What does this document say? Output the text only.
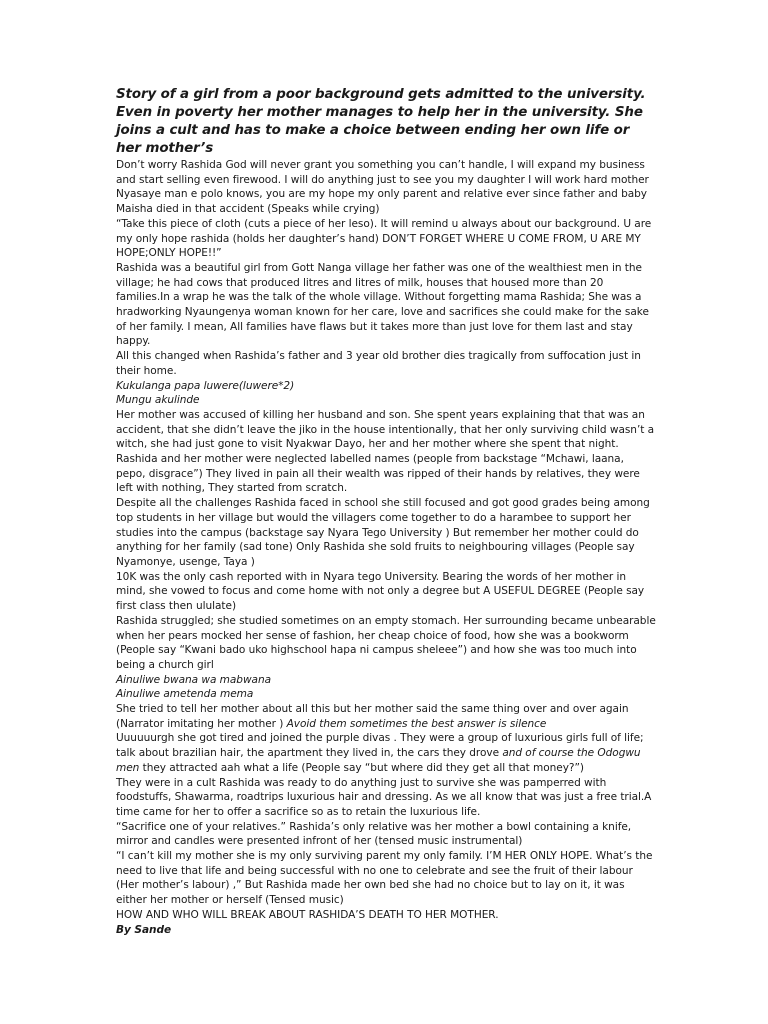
Story of a girl from a poor background gets admitted to the university. Even in poverty her mother manages to help her in the university. She joins a cult and has to make a choice between ending her own life or her mother’s

Don’t worry Rashida God will never grant you something you can’t handle, I will expand my business and start selling even firewood. I will do anything just to see you my daughter I will work hard mother Nyasaye man e polo knows, you are my hope my only parent and relative ever since father and baby Maisha died in that accident (Speaks while crying)

“Take this piece of cloth (cuts a piece of her leso). It will remind u always about our background. U are my only hope rashida (holds her daughter’s hand) DON’T FORGET WHERE U COME FROM, U ARE MY HOPE;ONLY HOPE!!”

Rashida was a beautiful girl from Gott Nanga village her father was one of the wealthiest men in the village; he had cows that produced litres and litres of milk, houses that housed more than 20 families.In a wrap he was the talk of the whole village. Without forgetting mama Rashida; She was a hradworking Nyaungenya woman known for her care, love and sacrifices she could make for the sake of her family. I mean, All families have flaws but it takes more than just love for them last and stay happy.

All this changed when Rashida’s father and 3 year old brother dies tragically from suffocation just in their home.

Kukulanga papa luwere(luwere*2)

Mungu akulinde

Her mother was accused of killing her husband and son. She spent years explaining that that was an accident, that she didn’t leave the jiko in the house intentionally, that her only surviving child wasn’t a witch, she had just gone to visit Nyakwar Dayo, her and her mother where she spent that night.

Rashida and her mother were neglected labelled names (people from backstage “Mchawi, laana, pepo, disgrace”) They lived in pain all their wealth was ripped of their hands by relatives, they were left with nothing, They started from scratch.

Despite all the challenges Rashida faced in school she still focused and got good grades being among top students in her village but would the villagers come together to do a harambee to support her studies into the campus (backstage say Nyara Tego University ) But remember her mother could do anything for her family (sad tone) Only Rashida she sold fruits to neighbouring villages (People say Nyamonye, usenge, Taya )

10K was the only cash reported with in Nyara tego University. Bearing the words of her mother in mind, she vowed to focus and come home with not only a degree but A USEFUL DEGREE (People say first class then ululate)

Rashida struggled; she studied sometimes on an empty stomach. Her surrounding became unbearable when her pears mocked her sense of fashion, her cheap choice of food, how she was a bookworm (People say “Kwani bado uko highschool hapa ni campus sheleee”) and how she was too much into being a church girl

Ainuliwe bwana wa mabwana

Ainuliwe ametenda mema

She tried to tell her mother about all this but her mother said the same thing over and over again (Narrator imitating her mother ) Avoid them sometimes the best answer is silence

Uuuuuurgh she got tired and joined the purple divas . They were a group of luxurious girls full of life; talk about brazilian hair, the apartment they lived in, the cars they drove and of course the Odogwu men they attracted aah what a life (People say “but where did they get all that money?”)

They were in a cult Rashida was ready to do anything just to survive she was pamperred with foodstuffs, Shawarma, roadtrips luxurious hair and dressing. As we all know that was just a free trial.A time came for her to offer a sacrifice so as to retain the luxurious life.

“Sacrifice one of your relatives.” Rashida’s only relative was her mother a bowl containing a knife, mirror and candles were presented infront of her (tensed music instrumental)

“I can’t kill my mother she is my only surviving parent my only family. I’M HER ONLY HOPE. What’s the need to live that life and being successful with no one to celebrate and see the fruit of their labour (Her mother’s labour) ,” But Rashida made her own bed she had no choice but to lay on it, it was either her mother or herself (Tensed music)

HOW AND WHO WILL BREAK ABOUT RASHIDA’S DEATH TO HER MOTHER.

By Sande
